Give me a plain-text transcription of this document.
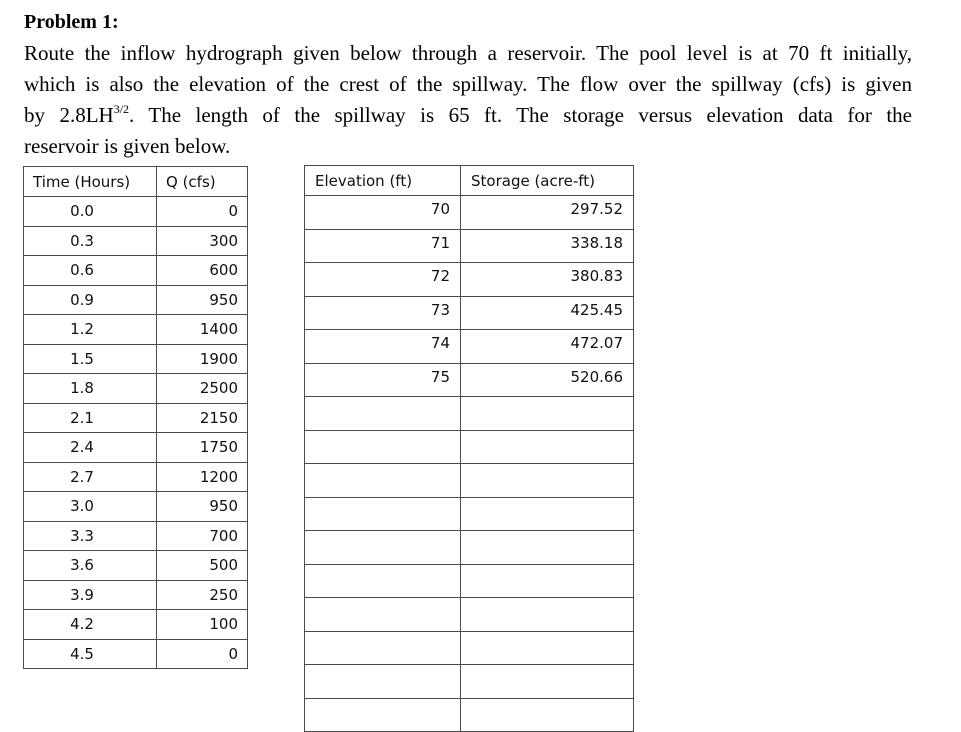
Problem 1:
Route the inflow hydrograph given below through a reservoir. The pool level is at 70 ft initially,
which is also the elevation of the crest of the spillway. The flow over the spillway (cfs) is given
by $2.8LH^{3/2}$. The length of the spillway is 65 ft. The storage versus elevation data for the
reservoir is given below.
Time (Hours)	Q (cfs)
0.0	0
0.3	300
0.6	600
0.9	950
1.2	1400
1.5	1900
1.8	2500
2.1	2150
2.4	1750
2.7	1200
3.0	950
3.3	700
3.6	500
3.9	250
4.2	100
4.5	0
Elevation (ft)	Storage (acre-ft)
70	297.52
71	338.18
72	380.83
73	425.45
74	472.07
75	520.66
